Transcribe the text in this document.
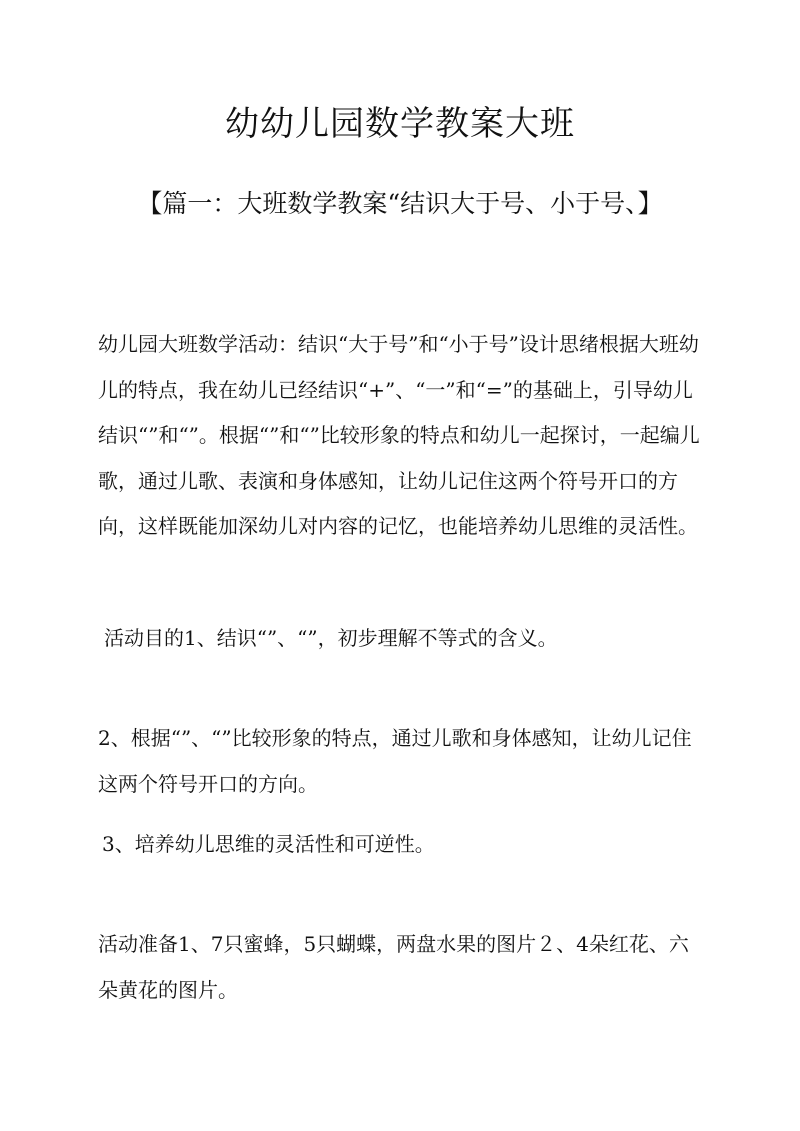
幼幼儿园数学教案大班
【篇一：大班数学教案“结识大于号、小于号、】

幼儿园大班数学活动：结识“大于号”和“小于号”设计思绪根据大班幼儿的特点，我在幼儿已经结识“+”、“一”和“=”的基础上，引导幼儿结识“”和“”。根据“”和“”比较形象的特点和幼儿一起探讨，一起编儿歌，通过儿歌、表演和身体感知，让幼儿记住这两个符号开口的方向，这样既能加深幼儿对内容的记忆，也能培养幼儿思维的灵活性。

活动目的1、结识“”、“”，初步理解不等式的含义。

2、根据“”、“”比较形象的特点，通过儿歌和身体感知，让幼儿记住这两个符号开口的方向。

3、培养幼儿思维的灵活性和可逆性。

活动准备1、7只蜜蜂，5只蝴蝶，两盘水果的图片２、4朵红花、六朵黄花的图片。
